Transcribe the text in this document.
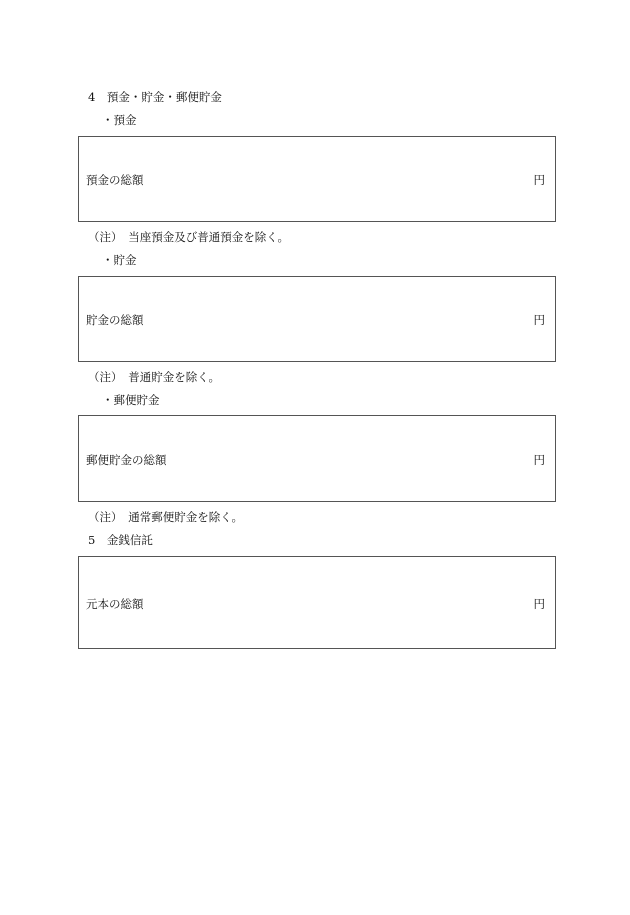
4　預金・貯金・郵便貯金
・預金
預金の総額	円
（注）　当座預金及び普通預金を除く。
・貯金
貯金の総額	円
（注）　普通貯金を除く。
・郵便貯金
郵便貯金の総額	円
（注）　通常郵便貯金を除く。
5　金銭信託
元本の総額	円
